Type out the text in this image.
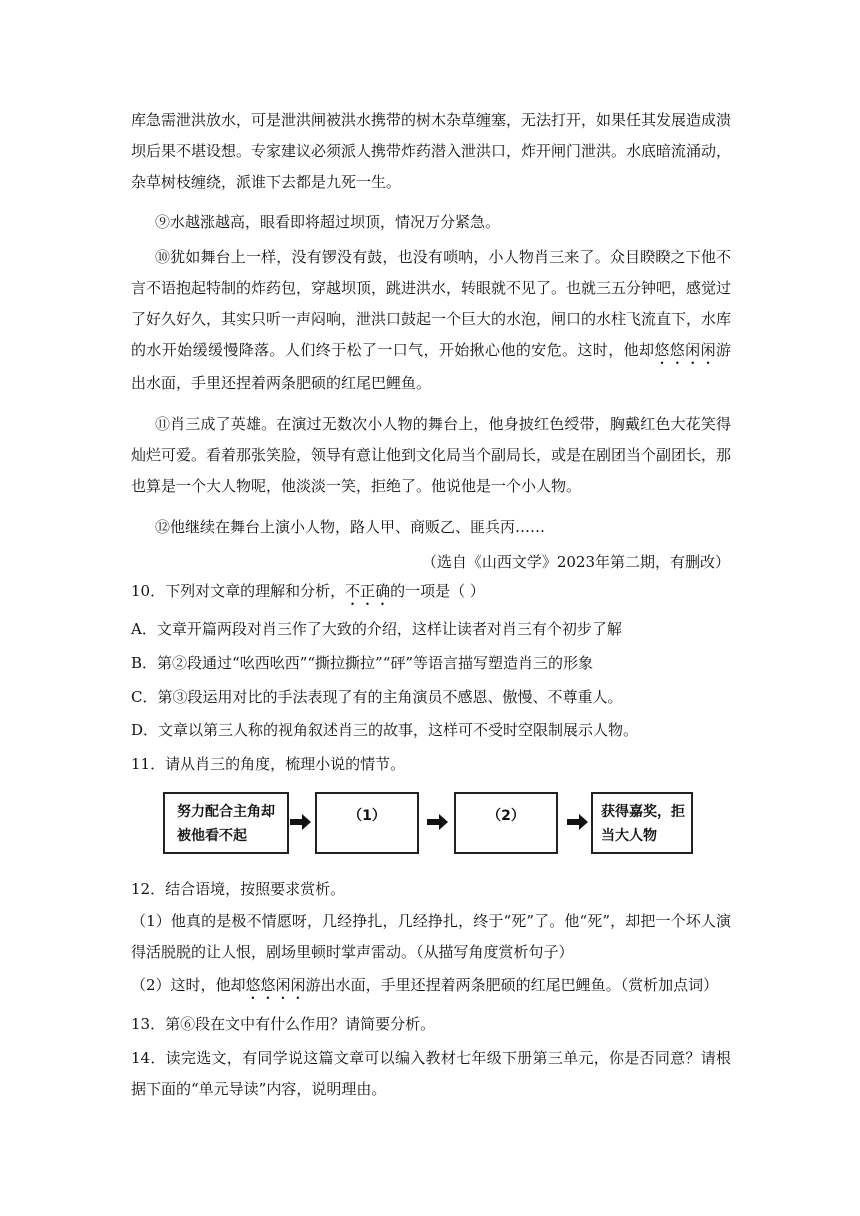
库急需泄洪放水，可是泄洪闸被洪水携带的树木杂草缠塞，无法打开，如果任其发展造成溃坝后果不堪设想。专家建议必须派人携带炸药潜入泄洪口，炸开闸门泄洪。水底暗流涌动，杂草树枝缠绕，派谁下去都是九死一生。
⑨水越涨越高，眼看即将超过坝顶，情况万分紧急。
⑩犹如舞台上一样，没有锣没有鼓，也没有唢呐，小人物肖三来了。众目睽睽之下他不言不语抱起特制的炸药包，穿越坝顶，跳进洪水，转眼就不见了。也就三五分钟吧，感觉过了好久好久，其实只听一声闷响，泄洪口鼓起一个巨大的水泡，闸口的水柱飞流直下，水库的水开始缓缓慢降落。人们终于松了一口气，开始揪心他的安危。这时，他却悠悠闲闲游出水面，手里还捏着两条肥硕的红尾巴鲤鱼。
⑪肖三成了英雄。在演过无数次小人物的舞台上，他身披红色绶带，胸戴红色大花笑得灿烂可爱。看着那张笑脸，领导有意让他到文化局当个副局长，或是在剧团当个副团长，那也算是一个大人物呢，他淡淡一笑，拒绝了。他说他是一个小人物。
⑫他继续在舞台上演小人物，路人甲、商贩乙、匪兵丙……
（选自《山西文学》2023年第二期，有删改）
10．下列对文章的理解和分析，不正确的一项是（ ）
A．文章开篇两段对肖三作了大致的介绍，这样让读者对肖三有个初步了解
B．第②段通过“吆西吆西”“撕拉撕拉”“砰”等语言描写塑造肖三的形象
C．第③段运用对比的手法表现了有的主角演员不感恩、傲慢、不尊重人。
D．文章以第三人称的视角叙述肖三的故事，这样可不受时空限制展示人物。
11．请从肖三的角度，梳理小说的情节。
努力配合主角却
被他看不起
（1）	（2）	获得嘉奖，拒
当大人物
12．结合语境，按照要求赏析。
（1）他真的是极不情愿呀，几经挣扎，几经挣扎，终于“死”了。他“死”，却把一个坏人演得活脱脱的让人恨，剧场里顿时掌声雷动。（从描写角度赏析句子）
（2）这时，他却悠悠闲闲游出水面，手里还捏着两条肥硕的红尾巴鲤鱼。（赏析加点词）
13．第⑥段在文中有什么作用？请简要分析。
14．读完选文，有同学说这篇文章可以编入教材七年级下册第三单元，你是否同意？请根据下面的“单元导读”内容，说明理由。
